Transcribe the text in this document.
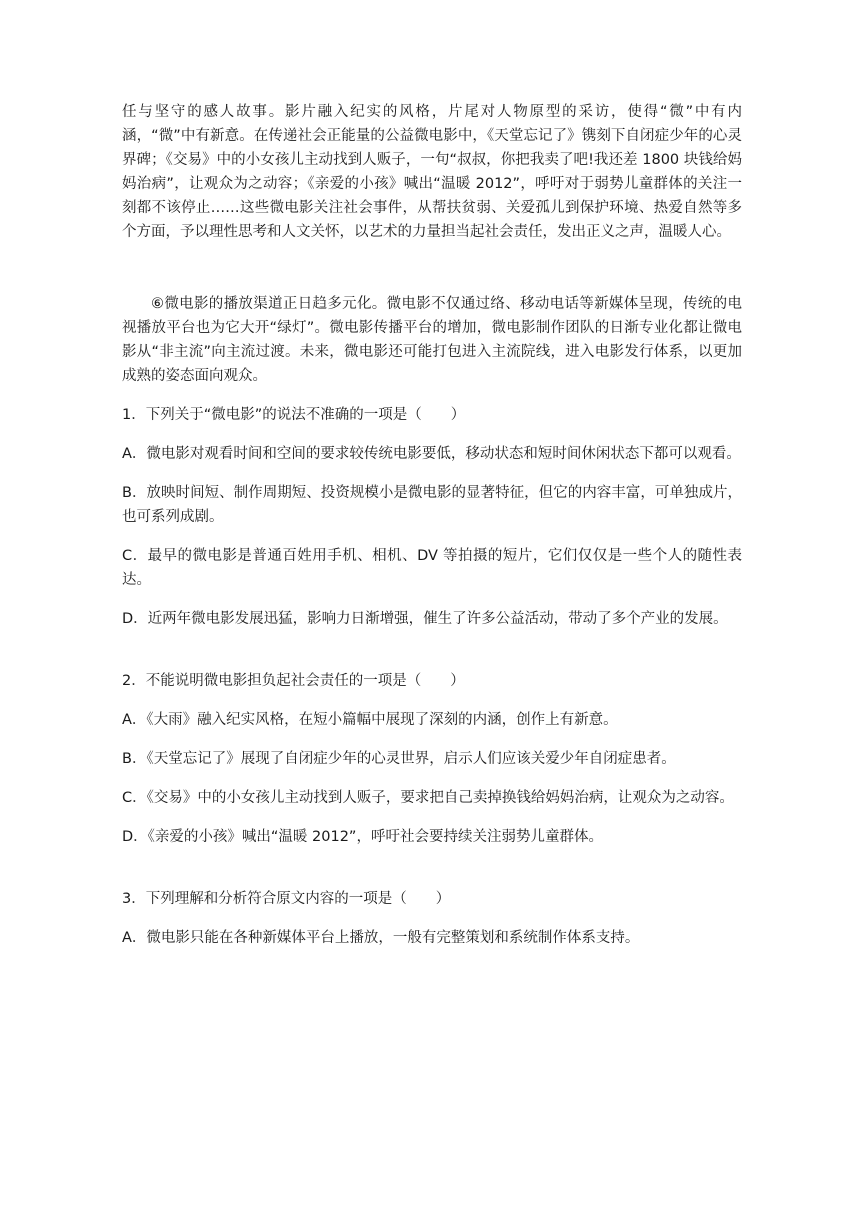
任与坚守的感人故事。影片融入纪实的风格，片尾对人物原型的采访，使得“微”中有内涵，“微”中有新意。在传递社会正能量的公益微电影中，《天堂忘记了》镌刻下自闭症少年的心灵界碑；《交易》中的小女孩儿主动找到人贩子，一句“叔叔，你把我卖了吧!我还差 1800 块钱给妈妈治病”，让观众为之动容；《亲爱的小孩》喊出“温暖 2012”，呼吁对于弱势儿童群体的关注一刻都不该停止……这些微电影关注社会事件，从帮扶贫弱、关爱孤儿到保护环境、热爱自然等多个方面，予以理性思考和人文关怀，以艺术的力量担当起社会责任，发出正义之声，温暖人心。

⑥微电影的播放渠道正日趋多元化。微电影不仅通过络、移动电话等新媒体呈现，传统的电视播放平台也为它大开“绿灯”。微电影传播平台的增加，微电影制作团队的日渐专业化都让微电影从“非主流”向主流过渡。未来，微电影还可能打包进入主流院线，进入电影发行体系，以更加成熟的姿态面向观众。

1．下列关于“微电影”的说法不准确的一项是（　　）

A．微电影对观看时间和空间的要求较传统电影要低，移动状态和短时间休闲状态下都可以观看。

B．放映时间短、制作周期短、投资规模小是微电影的显著特征，但它的内容丰富，可单独成片，也可系列成剧。

C．最早的微电影是普通百姓用手机、相机、DV 等拍摄的短片，它们仅仅是一些个人的随性表达。

D．近两年微电影发展迅猛，影响力日渐增强，催生了许多公益活动，带动了多个产业的发展。

2．不能说明微电影担负起社会责任的一项是（　　）

A．《大雨》融入纪实风格，在短小篇幅中展现了深刻的内涵，创作上有新意。

B．《天堂忘记了》展现了自闭症少年的心灵世界，启示人们应该关爱少年自闭症患者。

C．《交易》中的小女孩儿主动找到人贩子，要求把自己卖掉换钱给妈妈治病，让观众为之动容。

D．《亲爱的小孩》喊出“温暖 2012”，呼吁社会要持续关注弱势儿童群体。

3．下列理解和分析符合原文内容的一项是（　　）

A．微电影只能在各种新媒体平台上播放，一般有完整策划和系统制作体系支持。
